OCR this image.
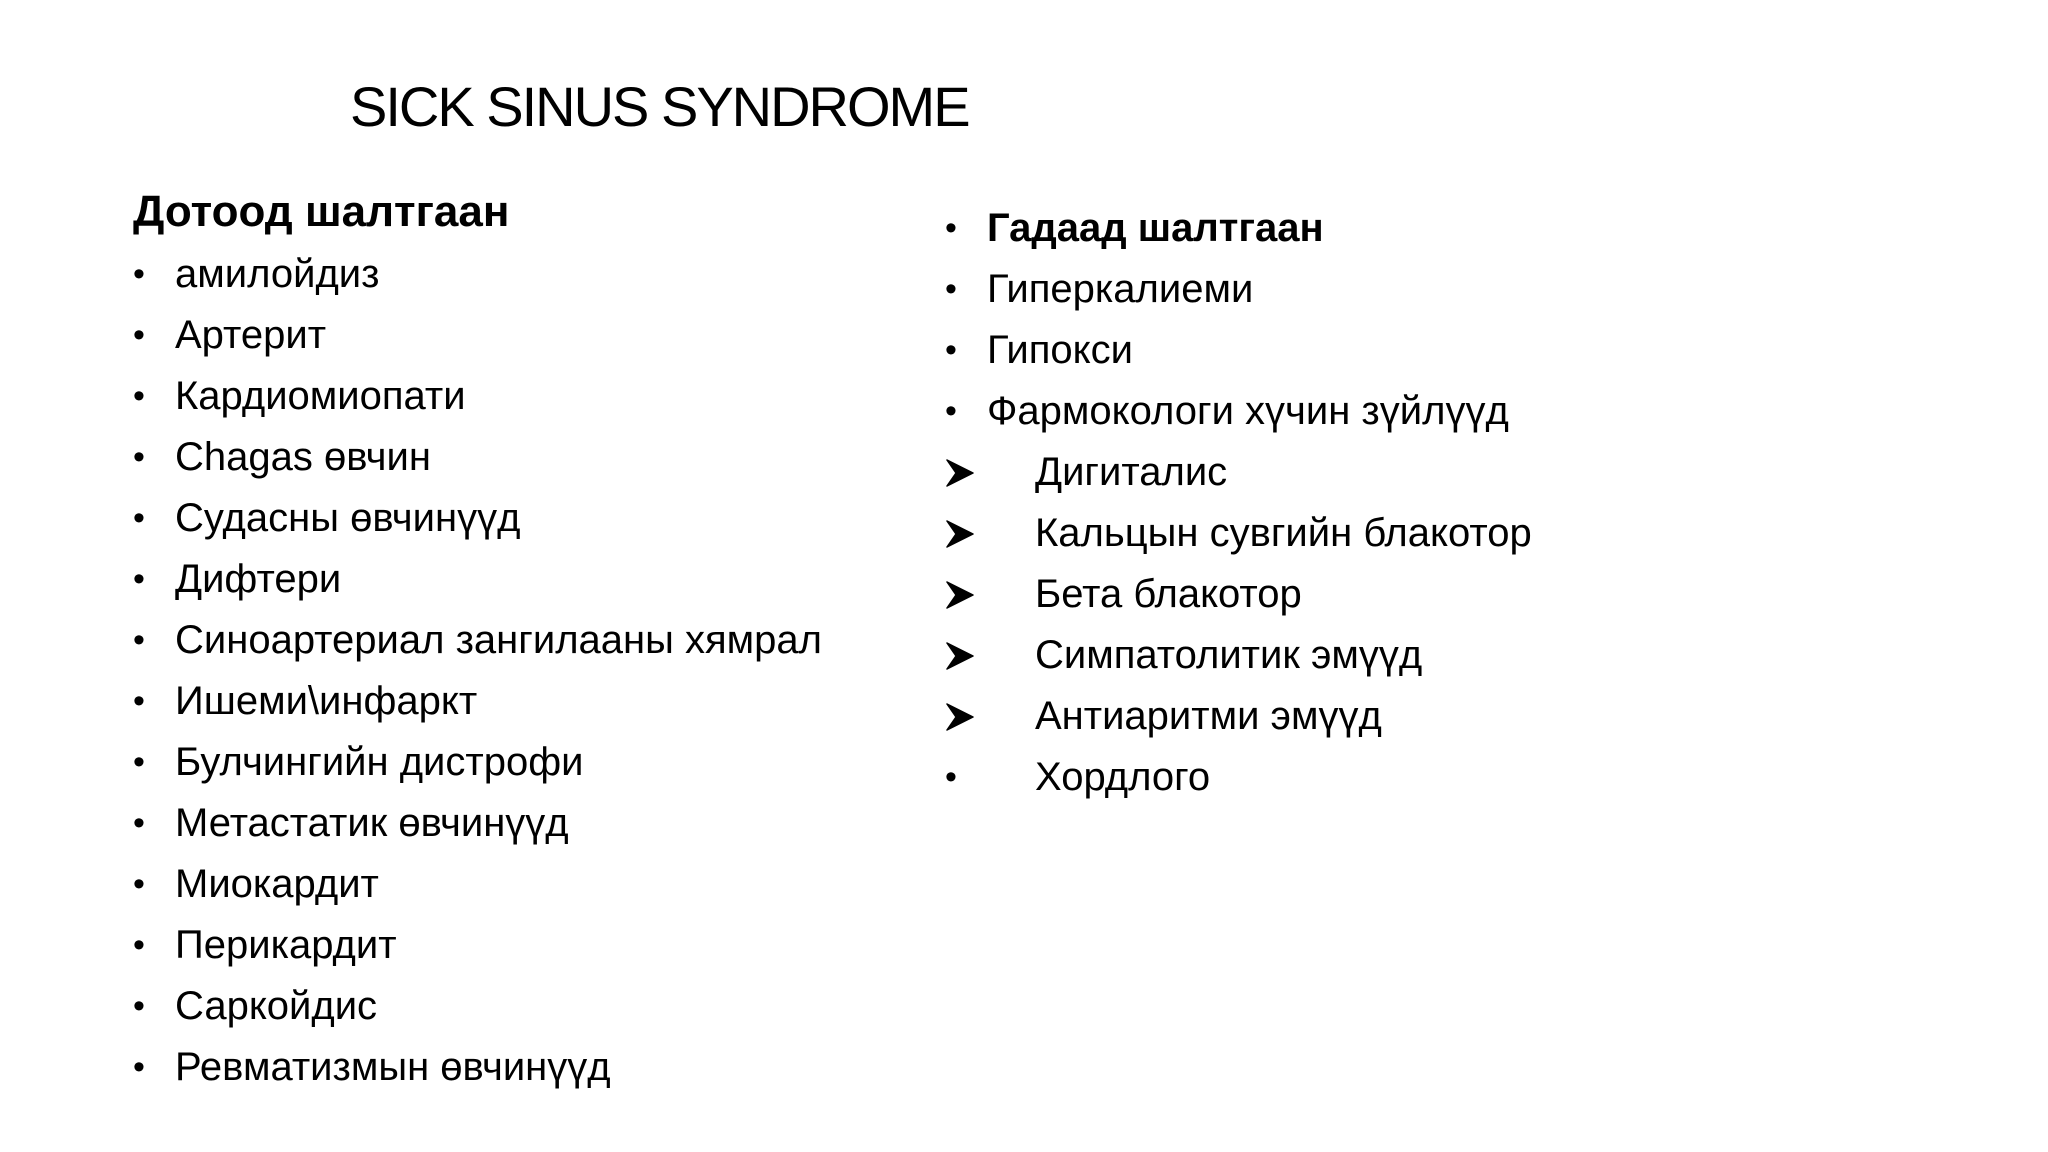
SICK SINUS SYNDROME
Дотоод шалтгаан
• амилойдиз
• Артерит
• Кардиомиопати
• Chagas өвчин
• Судасны өвчинүүд
• Дифтери
• Синоартериал зангилааны хямрал
• Ишеми\инфаркт
• Булчингийн дистрофи
• Метастатик өвчинүүд
• Миокардит
• Перикардит
• Саркойдис
• Ревматизмын өвчинүүд
• Гадаад шалтгаан
• Гиперкалиеми
• Гипокси
• Фармокологи хүчин зүйлүүд
Дигиталис
Кальцын сувгийн блакотор
Бета блакотор
Симпатолитик эмүүд
Антиаритми эмүүд
•	Хордлого
